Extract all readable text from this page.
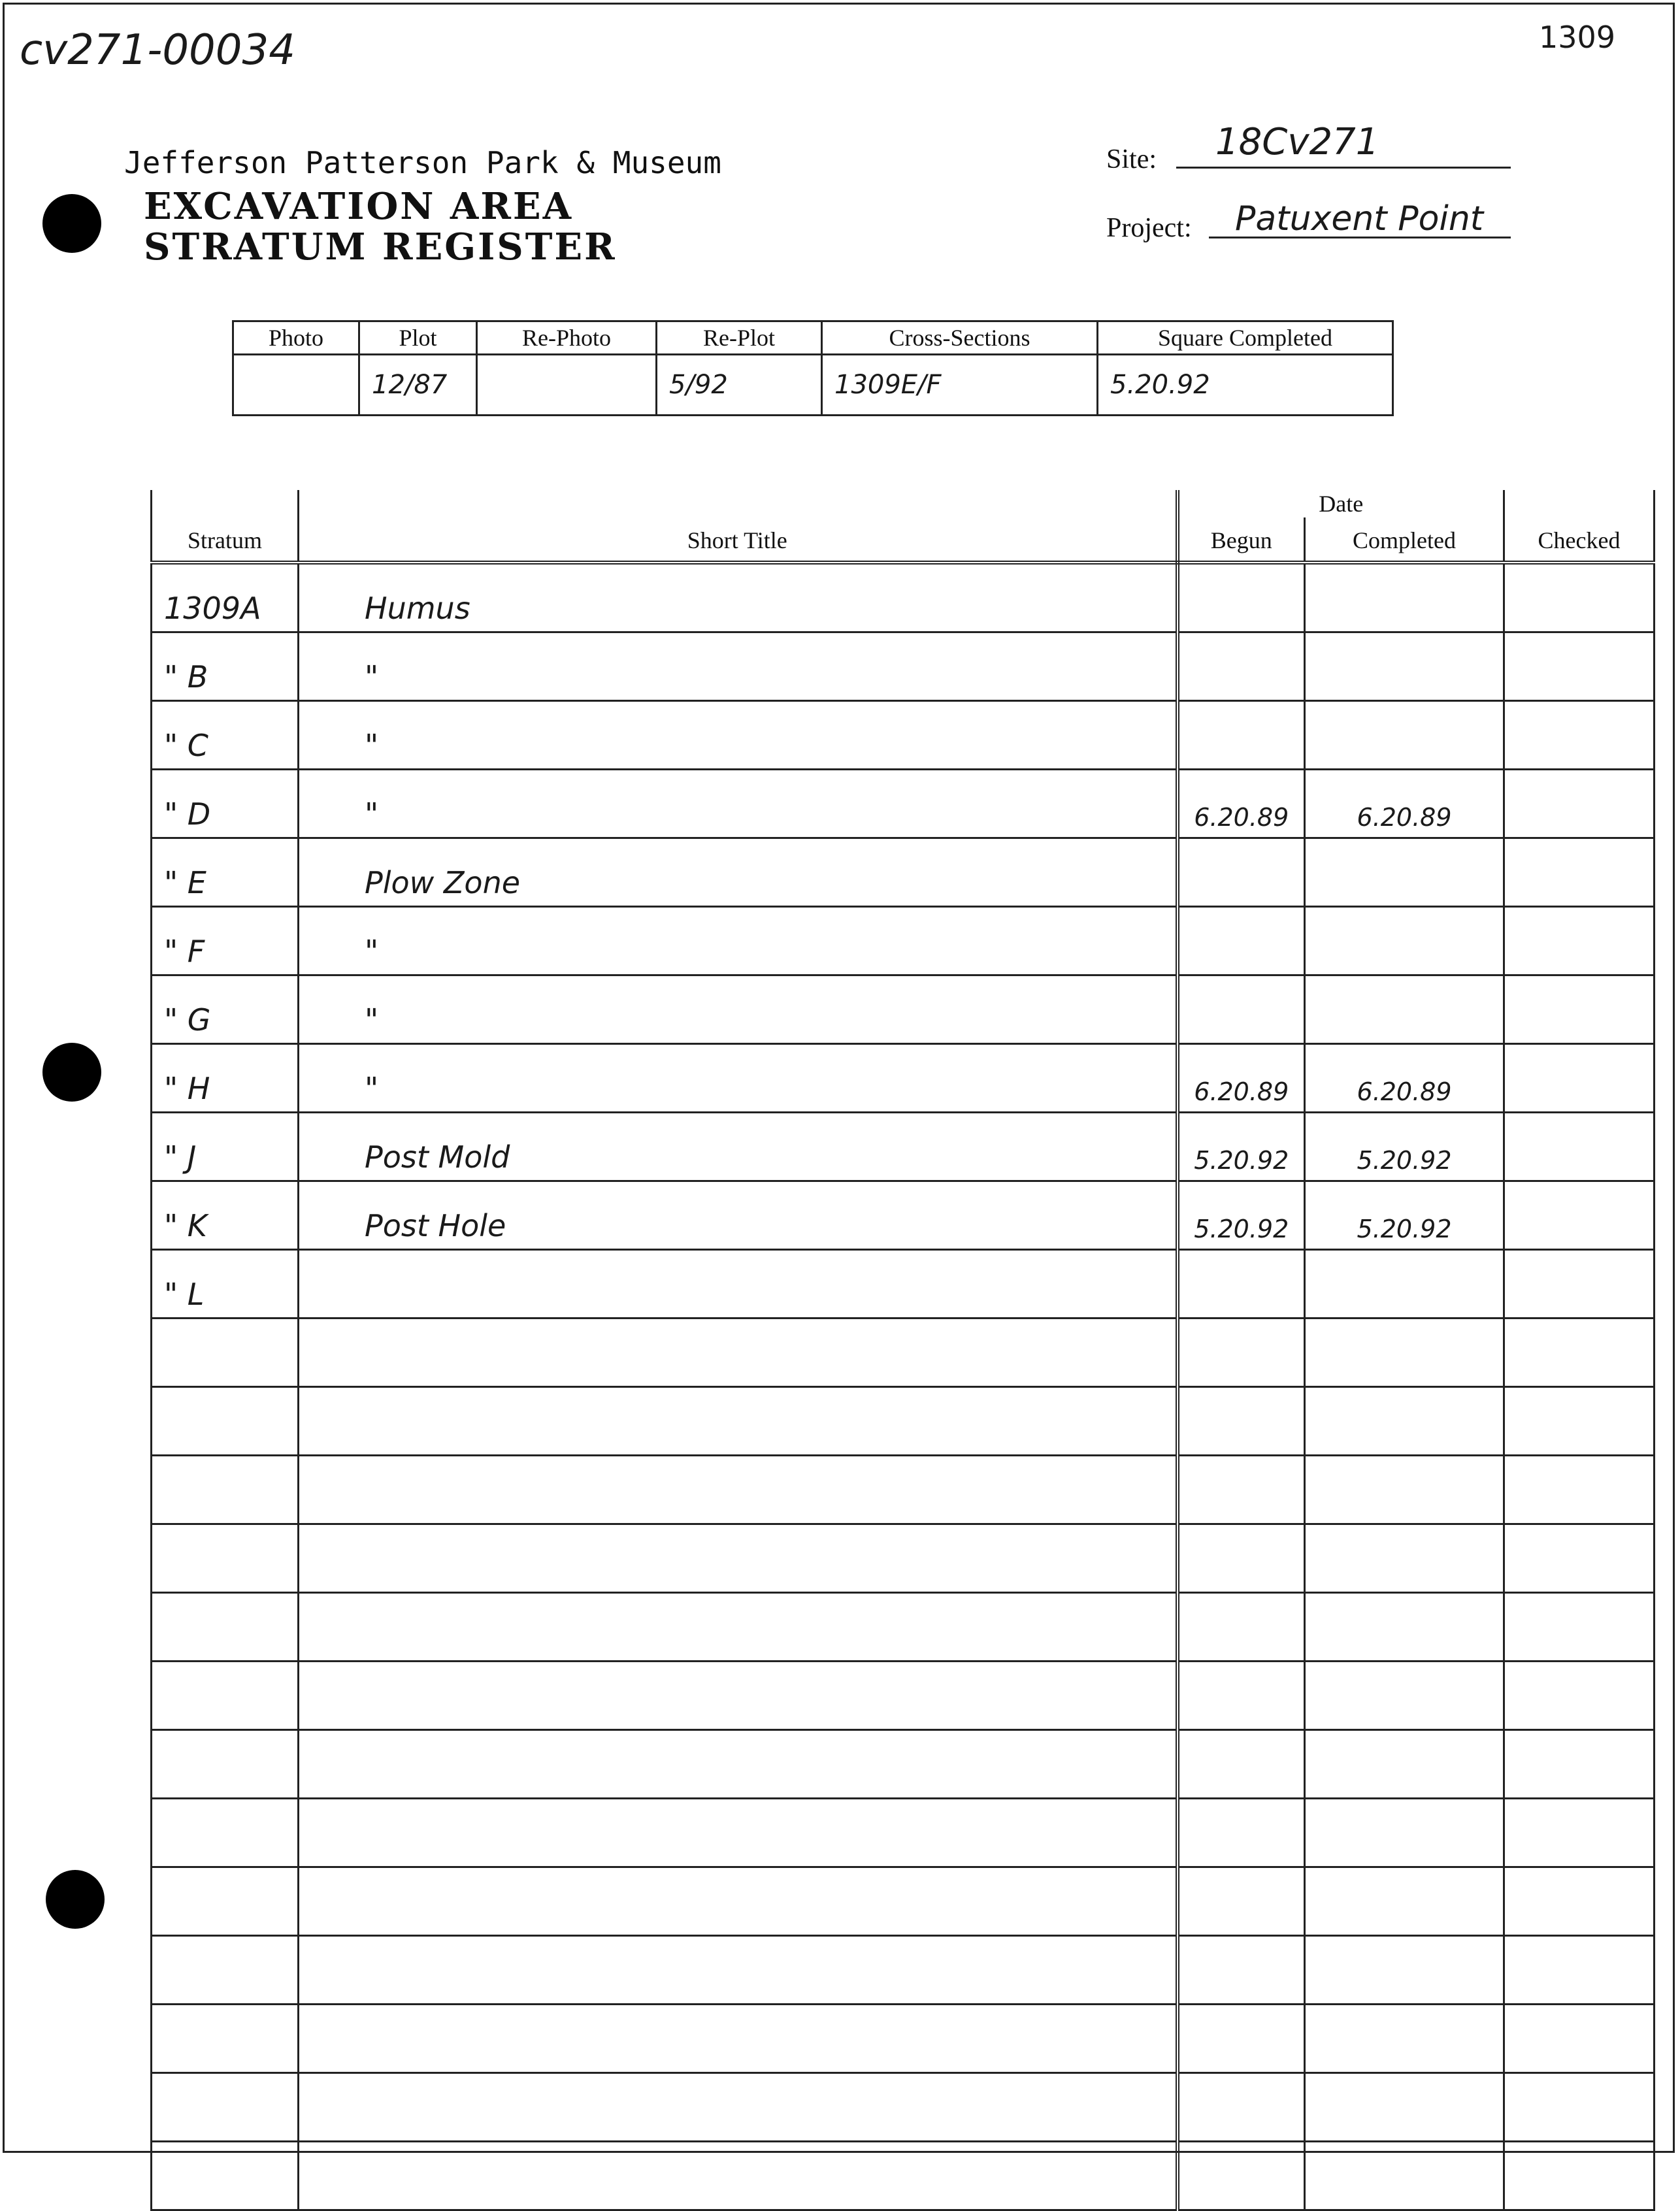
cv271-00034	1309
Jefferson Patterson Park & Museum
EXCAVATION AREA
STRATUM REGISTER
Site: 18Cv271
Project: Patuxent Point
Photo	Plot	Re-Photo	Re-Plot	Cross-Sections	Square Completed
	12/87		5/92	1309E/F	5.20.92
		Date		
Stratum	Short Title	Begun	Completed	Checked
1309A	Humus			
" B	"			
" C	"			
" D	"	6.20.89	6.20.89	
" E	Plow Zone			
" F	"			
" G	"			
" H	"	6.20.89	6.20.89	
" J	Post Mold	5.20.92	5.20.92	
" K	Post Hole	5.20.92	5.20.92	
" L				
